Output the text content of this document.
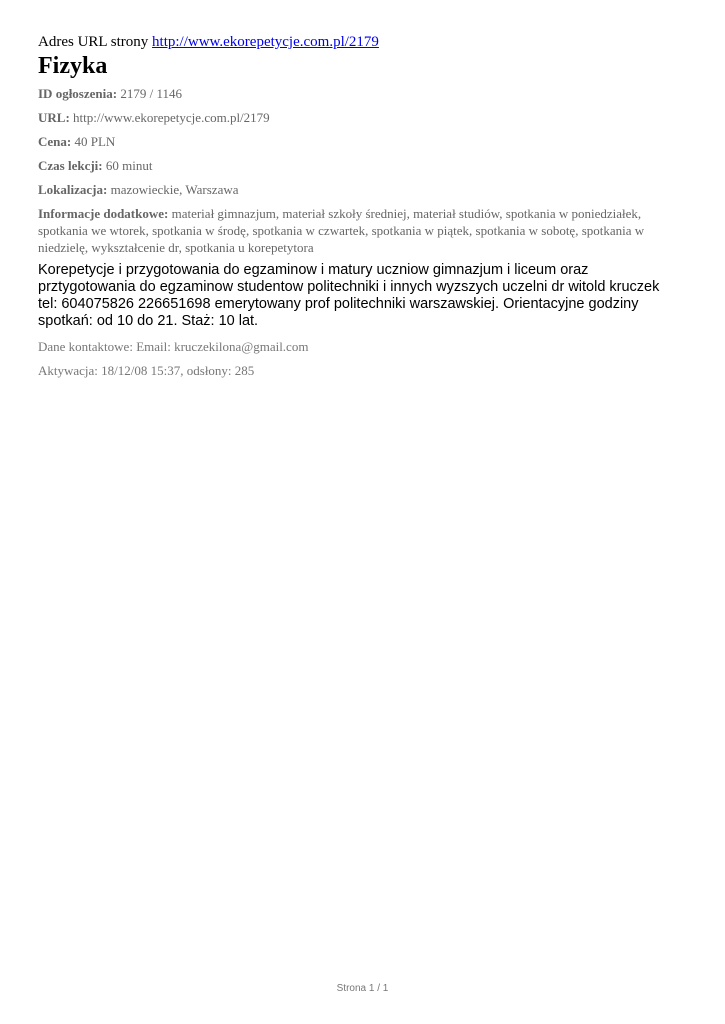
Adres URL strony http://www.ekorepetycje.com.pl/2179
Fizyka
ID ogłoszenia: 2179 / 1146
URL: http://www.ekorepetycje.com.pl/2179
Cena: 40 PLN
Czas lekcji: 60 minut
Lokalizacja: mazowieckie, Warszawa
Informacje dodatkowe: materiał gimnazjum, materiał szkoły średniej, materiał studiów, spotkania w poniedziałek, spotkania we wtorek, spotkania w środę, spotkania w czwartek, spotkania w piątek, spotkania w sobotę, spotkania w niedzielę, wykształcenie dr, spotkania u korepetytora

Korepetycje i przygotowania do egzaminow i matury uczniow gimnazjum i liceum oraz prztygotowania do egzaminow studentow politechniki i innych wyzszych uczelni dr witold kruczek tel: 604075826 226651698 emerytowany prof politechniki warszawskiej. Orientacyjne godziny spotkań: od 10 do 21. Staż: 10 lat.

Dane kontaktowe: Email: kruczekilona@gmail.com
Aktywacja: 18/12/08 15:37, odsłony: 285
Strona 1 / 1
